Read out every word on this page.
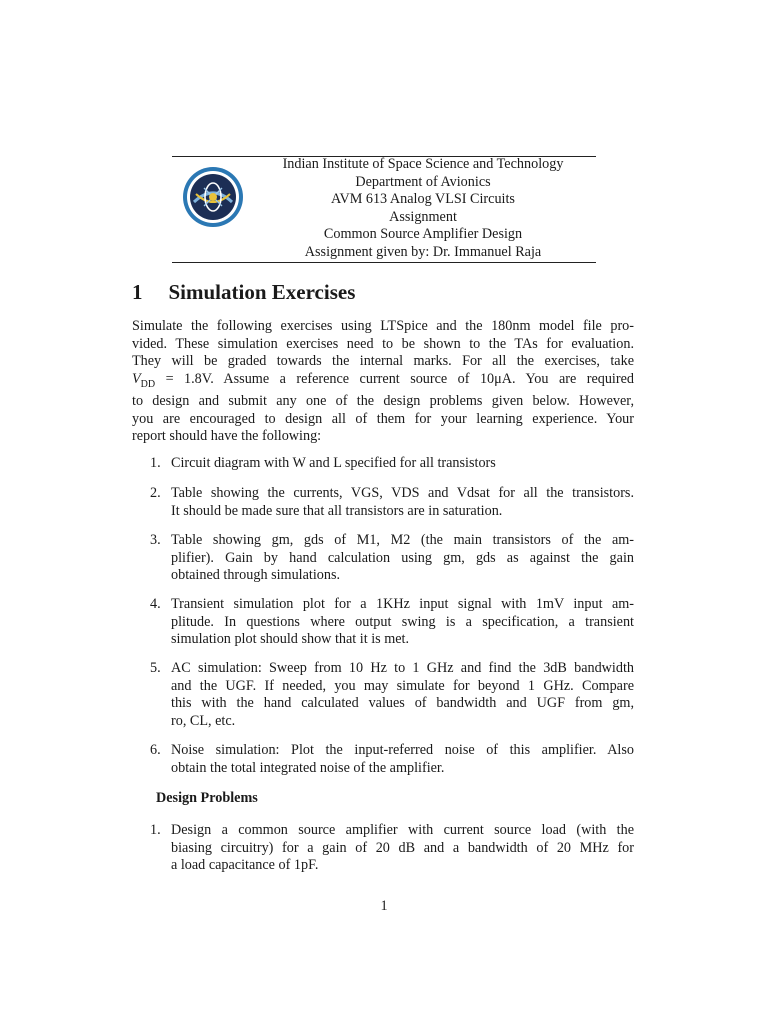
Indian Institute of Space Science and Technology
Department of Avionics
AVM 613 Analog VLSI Circuits
Assignment
Common Source Amplifier Design
Assignment given by: Dr. Immanuel Raja
1 Simulation Exercises
Simulate the following exercises using LTSpice and the 180nm model file pro-
vided. These simulation exercises need to be shown to the TAs for evaluation.
They will be graded towards the internal marks. For all the exercises, take
$V_{DD} = 1.8V$. Assume a reference current source of 10μA. You are required
to design and submit any one of the design problems given below. However,
you are encouraged to design all of them for your learning experience. Your
report should have the following:
1. Circuit diagram with W and L specified for all transistors
2. Table showing the currents, VGS, VDS and Vdsat for all the transistors.
It should be made sure that all transistors are in saturation.
3. Table showing gm, gds of M1, M2 (the main transistors of the am-
plifier). Gain by hand calculation using gm, gds as against the gain
obtained through simulations.
4. Transient simulation plot for a 1KHz input signal with 1mV input am-
plitude. In questions where output swing is a specification, a transient
simulation plot should show that it is met.
5. AC simulation: Sweep from 10 Hz to 1 GHz and find the 3dB bandwidth
and the UGF. If needed, you may simulate for beyond 1 GHz. Compare
this with the hand calculated values of bandwidth and UGF from gm,
ro, CL, etc.
6. Noise simulation: Plot the input-referred noise of this amplifier. Also
obtain the total integrated noise of the amplifier.
Design Problems
1. Design a common source amplifier with current source load (with the
biasing circuitry) for a gain of 20 dB and a bandwidth of 20 MHz for
a load capacitance of 1pF.
1
